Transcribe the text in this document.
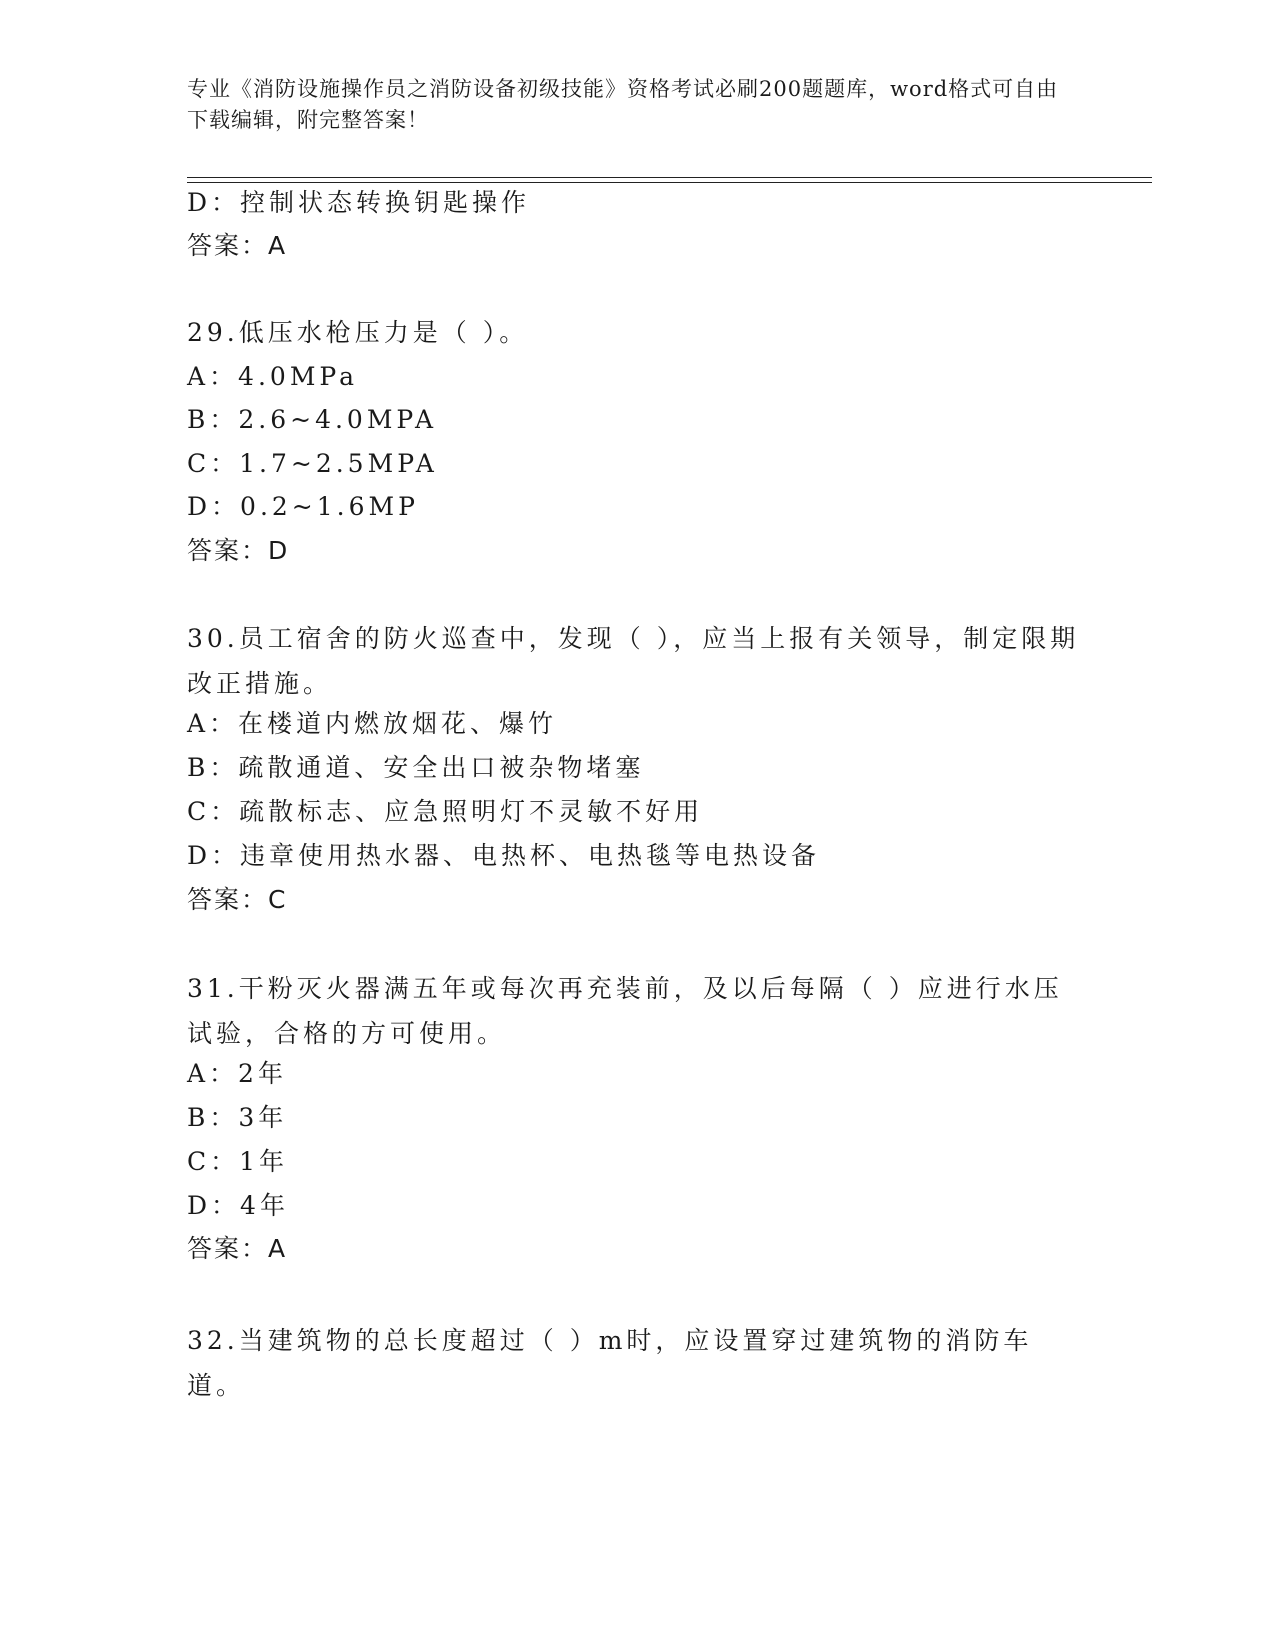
专业《消防设施操作员之消防设备初级技能》资格考试必刷200题题库，word格式可自由下载编辑，附完整答案！
D：控制状态转换钥匙操作
答案：A
29.低压水枪压力是（ ）。
A：4.0MPa
B：2.6~4.0MPA
C：1.7~2.5MPA
D：0.2~1.6MP
答案：D
30.员工宿舍的防火巡查中，发现（ ），应当上报有关领导，制定限期改正措施。
A：在楼道内燃放烟花、爆竹
B：疏散通道、安全出口被杂物堵塞
C：疏散标志、应急照明灯不灵敏不好用
D：违章使用热水器、电热杯、电热毯等电热设备
答案：C
31.干粉灭火器满五年或每次再充装前，及以后每隔（ ）应进行水压试验，合格的方可使用。
A：2年
B：3年
C：1年
D：4年
答案：A
32.当建筑物的总长度超过（ ）m时，应设置穿过建筑物的消防车道。
